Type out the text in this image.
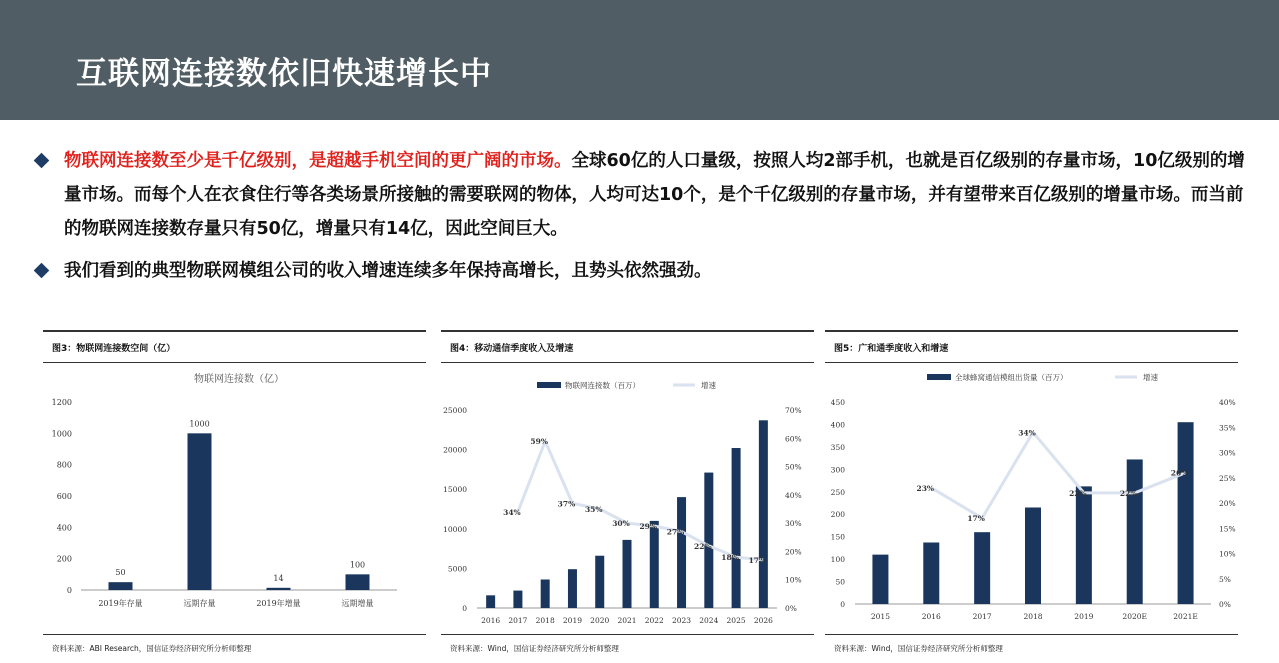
互联网连接数依旧快速增长中
物联网连接数至少是千亿级别，是超越手机空间的更广阔的市场。全球60亿的人口量级，按照人均2部手机，也就是百亿级别的存量市场，10亿级别的增量市场。而每个人在衣食住行等各类场景所接触的需要联网的物体，人均可达10个，是个千亿级别的存量市场，并有望带来百亿级别的增量市场。而当前的物联网连接数存量只有50亿，增量只有14亿，因此空间巨大。
我们看到的典型物联网模组公司的收入增速连续多年保持高增长，且势头依然强劲。
图3：物联网连接数空间（亿）
物联网连接数（亿）
0
200
400
600
800
1000
1200
50
2019年存量
1000
远期存量
14
2019年增量
100
远期增量
资料来源：ABI Research，国信证券经济研究所分析师整理
图4：移动通信季度收入及增速
0
5000
10000
15000
20000
25000
0%
10%
20%
30%
40%
50%
60%
70%
物联网连接数（百万）	增速
2016 2017 2018 2019 2020 2021 2022 2023 2024 2025 2026
34%
59%
37%
35%
30% 29%
27%
22%
18% 17%
资料来源：Wind，国信证券经济研究所分析师整理
图5：广和通季度收入和增速
0
50
100
150
200
250
300
350
400
450
0%
5%
10%
15%
20%
25%
30%
35%
40%
全球蜂窝通信模组出货量（百万）	增速
2015	2016	2017	2018	2019	2020E	2021E
23%
17%
34%
22%	22%
26%
资料来源：Wind，国信证券经济研究所分析师整理
